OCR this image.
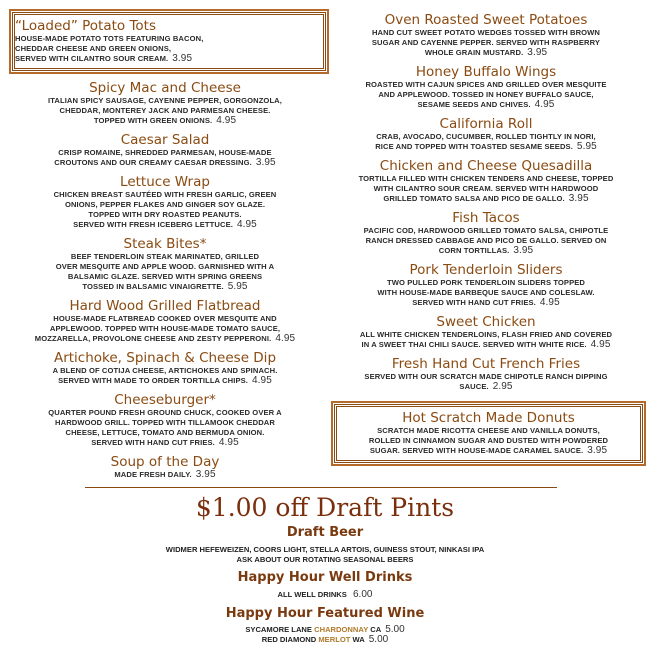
“Loaded” Potato Tots
HOUSE-MADE POTATO TOTS FEATURING BACON,
CHEDDAR CHEESE AND GREEN ONIONS,
SERVED WITH CILANTRO SOUR CREAM. 3.95
Spicy Mac and Cheese
ITALIAN SPICY SAUSAGE, CAYENNE PEPPER, GORGONZOLA,
CHEDDAR, MONTEREY JACK AND PARMESAN CHEESE.
TOPPED WITH GREEN ONIONS. 4.95
Caesar Salad
CRISP ROMAINE, SHREDDED PARMESAN, HOUSE-MADE
CROUTONS AND OUR CREAMY CAESAR DRESSING. 3.95
Lettuce Wrap
CHICKEN BREAST SAUTÉED WITH FRESH GARLIC, GREEN
ONIONS, PEPPER FLAKES AND GINGER SOY GLAZE.
TOPPED WITH DRY ROASTED PEANUTS.
SERVED WITH FRESH ICEBERG LETTUCE. 4.95
Steak Bites*
BEEF TENDERLOIN STEAK MARINATED, GRILLED
OVER MESQUITE AND APPLE WOOD. GARNISHED WITH A
BALSAMIC GLAZE. SERVED WITH SPRING GREENS
TOSSED IN BALSAMIC VINAIGRETTE. 5.95
Hard Wood Grilled Flatbread
HOUSE-MADE FLATBREAD COOKED OVER MESQUITE AND
APPLEWOOD. TOPPED WITH HOUSE-MADE TOMATO SAUCE,
MOZZARELLA, PROVOLONE CHEESE AND ZESTY PEPPERONI. 4.95
Artichoke, Spinach & Cheese Dip
A BLEND OF COTIJA CHEESE, ARTICHOKES AND SPINACH.
SERVED WITH MADE TO ORDER TORTILLA CHIPS. 4.95
Cheeseburger*
QUARTER POUND FRESH GROUND CHUCK, COOKED OVER A
HARDWOOD GRILL. TOPPED WITH TILLAMOOK CHEDDAR
CHEESE, LETTUCE, TOMATO AND BERMUDA ONION.
SERVED WITH HAND CUT FRIES. 4.95
Soup of the Day
MADE FRESH DAILY. 3.95
Oven Roasted Sweet Potatoes
HAND CUT SWEET POTATO WEDGES TOSSED WITH BROWN
SUGAR AND CAYENNE PEPPER. SERVED WITH RASPBERRY
WHOLE GRAIN MUSTARD. 3.95
Honey Buffalo Wings
ROASTED WITH CAJUN SPICES AND GRILLED OVER MESQUITE
AND APPLEWOOD. TOSSED IN HONEY BUFFALO SAUCE,
SESAME SEEDS AND CHIVES. 4.95
California Roll
CRAB, AVOCADO, CUCUMBER, ROLLED TIGHTLY IN NORI,
RICE AND TOPPED WITH TOASTED SESAME SEEDS. 5.95
Chicken and Cheese Quesadilla
TORTILLA FILLED WITH CHICKEN TENDERS AND CHEESE, TOPPED
WITH CILANTRO SOUR CREAM. SERVED WITH HARDWOOD
GRILLED TOMATO SALSA AND PICO DE GALLO. 3.95
Fish Tacos
PACIFIC COD, HARDWOOD GRILLED TOMATO SALSA, CHIPOTLE
RANCH DRESSED CABBAGE AND PICO DE GALLO. SERVED ON
CORN TORTILLAS. 3.95
Pork Tenderloin Sliders
TWO PULLED PORK TENDERLOIN SLIDERS TOPPED
WITH HOUSE-MADE BARBEQUE SAUCE AND COLESLAW.
SERVED WITH HAND CUT FRIES. 4.95
Sweet Chicken
ALL WHITE CHICKEN TENDERLOINS, FLASH FRIED AND COVERED
IN A SWEET THAI CHILI SAUCE. SERVED WITH WHITE RICE. 4.95
Fresh Hand Cut French Fries
SERVED WITH OUR SCRATCH MADE CHIPOTLE RANCH DIPPING
SAUCE. 2.95
Hot Scratch Made Donuts
SCRATCH MADE RICOTTA CHEESE AND VANILLA DONUTS,
ROLLED IN CINNAMON SUGAR AND DUSTED WITH POWDERED
SUGAR. SERVED WITH HOUSE-MADE CARAMEL SAUCE. 3.95
$1.00 off Draft Pints
Draft Beer
WIDMER HEFEWEIZEN, COORS LIGHT, STELLA ARTOIS, GUINESS STOUT, NINKASI IPA
ASK ABOUT OUR ROTATING SEASONAL BEERS
Happy Hour Well Drinks
ALL WELL DRINKS 6.00
Happy Hour Featured Wine
SYCAMORE LANE CHARDONNAY CA 5.00
RED DIAMOND MERLOT WA 5.00
